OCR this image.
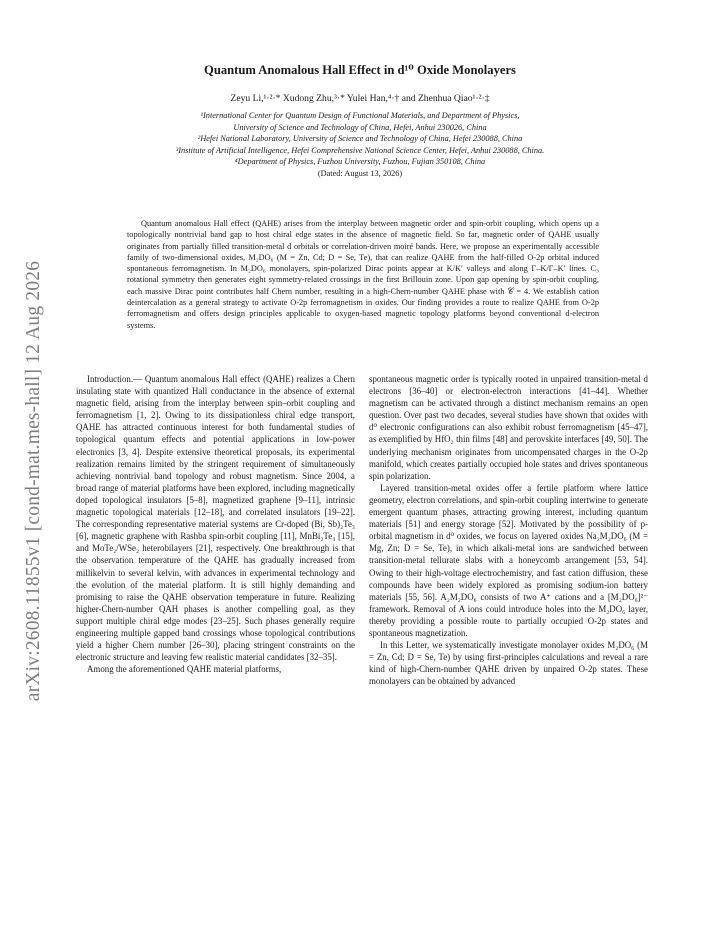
arXiv:2608.11855v1 [cond-mat.mes-hall] 12 Aug 2026
Quantum Anomalous Hall Effect in d¹⁰ Oxide Monolayers
Zeyu Li,¹·²·* Xudong Zhu,³·* Yulei Han,⁴·† and Zhenhua Qiao¹·²·‡
¹International Center for Quantum Design of Functional Materials, and Department of Physics,
University of Science and Technology of China, Hefei, Anhui 230026, China
²Hefei National Laboratory, University of Science and Technology of China, Hefei 230088, China
³Institute of Artificial Intelligence, Hefei Comprehensive National Science Center, Hefei, Anhui 230088, China.
⁴Department of Physics, Fuzhou University, Fuzhou, Fujian 350108, China
(Dated: August 13, 2026)
Quantum anomalous Hall effect (QAHE) arises from the interplay between magnetic order and spin-orbit coupling, which opens up a topologically nontrivial band gap to host chiral edge states in the absence of magnetic field. So far, magnetic order of QAHE usually originates from partially filled transition-metal d orbitals or correlation-driven moiré bands. Here, we propose an experimentally accessible family of two-dimensional oxides, M₂DO₆ (M = Zn, Cd; D = Se, Te), that can realize QAHE from the half-filled O-2p orbital induced spontaneous ferromagnetism. In M₂DO₆ monolayers, spin-polarized Dirac points appear at K/K′ valleys and along Γ–K/Γ–K′ lines. C₃ rotational symmetry then generates eight symmetry-related crossings in the first Brillouin zone. Upon gap opening by spin-orbit coupling, each massive Dirac point contributes half Chern number, resulting in a high-Chern-number QAHE phase with 𝒞 = 4. We establish cation deintercalation as a general strategy to activate O-2p ferromagnetism in oxides. Our finding provides a route to realize QAHE from O-2p ferromagnetism and offers design principles applicable to oxygen-based magnetic topology platforms beyond conventional d-electron systems.

Introduction.— Quantum anomalous Hall effect (QAHE) realizes a Chern insulating state with quantized Hall conductance in the absence of external magnetic field, arising from the interplay between spin–orbit coupling and ferromagnetism [1, 2]. Owing to its dissipationless chiral edge transport, QAHE has attracted continuous interest for both fundamental studies of topological quantum effects and potential applications in low-power electronics [3, 4]. Despite extensive theoretical proposals, its experimental realization remains limited by the stringent requirement of simultaneously achieving nontrivial band topology and robust magnetism. Since 2004, a broad range of material platforms have been explored, including magnetically doped topological insulators [5–8], magnetized graphene [9–11], intrinsic magnetic topological materials [12–18], and correlated insulators [19–22]. The corresponding representative material systems are Cr-doped (Bi, Sb)₂Te₃ [6], magnetic graphene with Rashba spin-orbit coupling [11], MnBi₂Te₄ [15], and MoTe₂/WSe₂ heterobilayers [21], respectively. One breakthrough is that the observation temperature of the QAHE has gradually increased from millikelvin to several kelvin, with advances in experimental technology and the evolution of the material platform. It is still highly demanding and promising to raise the QAHE observation temperature in future. Realizing higher-Chern-number QAH phases is another compelling goal, as they support multiple chiral edge modes [23–25]. Such phases generally require engineering multiple gapped band crossings whose topological contributions yield a higher Chern number [26–30], placing stringent constraints on the electronic structure and leaving few realistic material candidates [32–35].

Among the aforementioned QAHE material platforms,

spontaneous magnetic order is typically rooted in unpaired transition-metal d electrons [36–40] or electron-electron interactions [41–44]. Whether magnetism can be activated through a distinct mechanism remains an open question. Over past two decades, several studies have shown that oxides with d⁰ electronic configurations can also exhibit robust ferromagnetism [45–47], as exemplified by HfO₂ thin films [48] and perovskite interfaces [49, 50]. The underlying mechanism originates from uncompensated charges in the O-2p manifold, which creates partially occupied hole states and drives spontaneous spin polarization.

Layered transition-metal oxides offer a fertile platform where lattice geometry, electron correlations, and spin-orbit coupling intertwine to generate emergent quantum phases, attracting growing interest, including quantum materials [51] and energy storage [52]. Motivated by the possibility of p-orbital magnetism in d⁰ oxides, we focus on layered oxides Na₂M₂DO₆ (M = Mg, Zn; D = Se, Te), in which alkali-metal ions are sandwiched between transition-metal tellurate slabs with a honeycomb arrangement [53, 54]. Owing to their high-voltage electrochemistry, and fast cation diffusion, these compounds have been widely explored as promising sodium-ion battery materials [55, 56]. A₂M₂DO₆ consists of two A⁺ cations and a [M₂DO₆]²⁻ framework. Removal of A ions could introduce holes into the M₂DO₆ layer, thereby providing a possible route to partially occupied O-2p states and spontaneous magnetization.

In this Letter, we systematically investigate monolayer oxides M₂DO₆ (M = Zn, Cd; D = Se, Te) by using first-principles calculations and reveal a rare kind of high-Chern-number QAHE driven by unpaired O-2p states. These monolayers can be obtained by advanced
